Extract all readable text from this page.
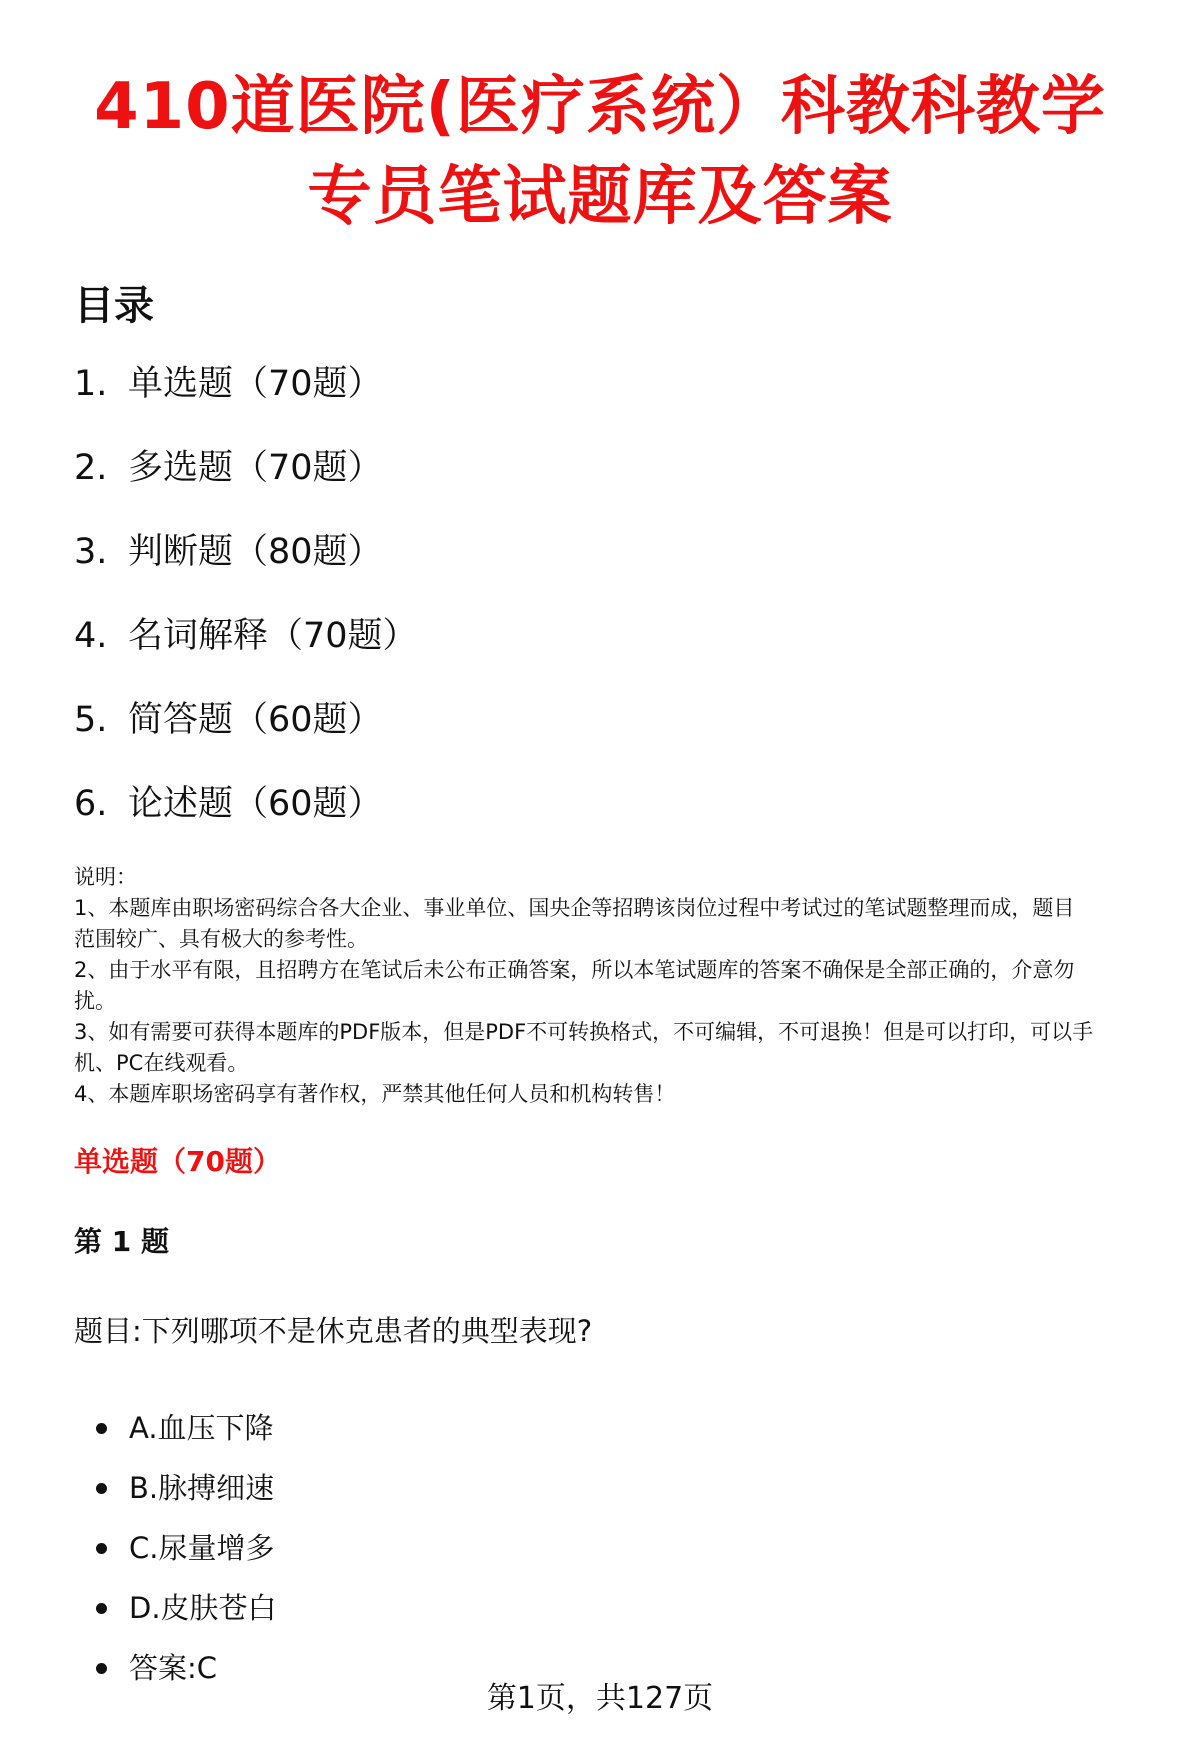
410道医院(医疗系统）科教科教学
专员笔试题库及答案
目录
1. 单选题（70题）
2. 多选题（70题）
3. 判断题（80题）
4. 名词解释（70题）
5. 简答题（60题）
6. 论述题（60题）
说明：
1、本题库由职场密码综合各大企业、事业单位、国央企等招聘该岗位过程中考试过的笔试题整理而成，题目
范围较广、具有极大的参考性。
2、由于水平有限，且招聘方在笔试后未公布正确答案，所以本笔试题库的答案不确保是全部正确的，介意勿
扰。
3、如有需要可获得本题库的PDF版本，但是PDF不可转换格式，不可编辑，不可退换！但是可以打印，可以手
机、PC在线观看。
4、本题库职场密码享有著作权，严禁其他任何人员和机构转售！
单选题（70题）
第 1 题

题目:下列哪项不是休克患者的典型表现?

A.血压下降
B.脉搏细速
C.尿量增多
D.皮肤苍白
答案:C
第1页，共127页
